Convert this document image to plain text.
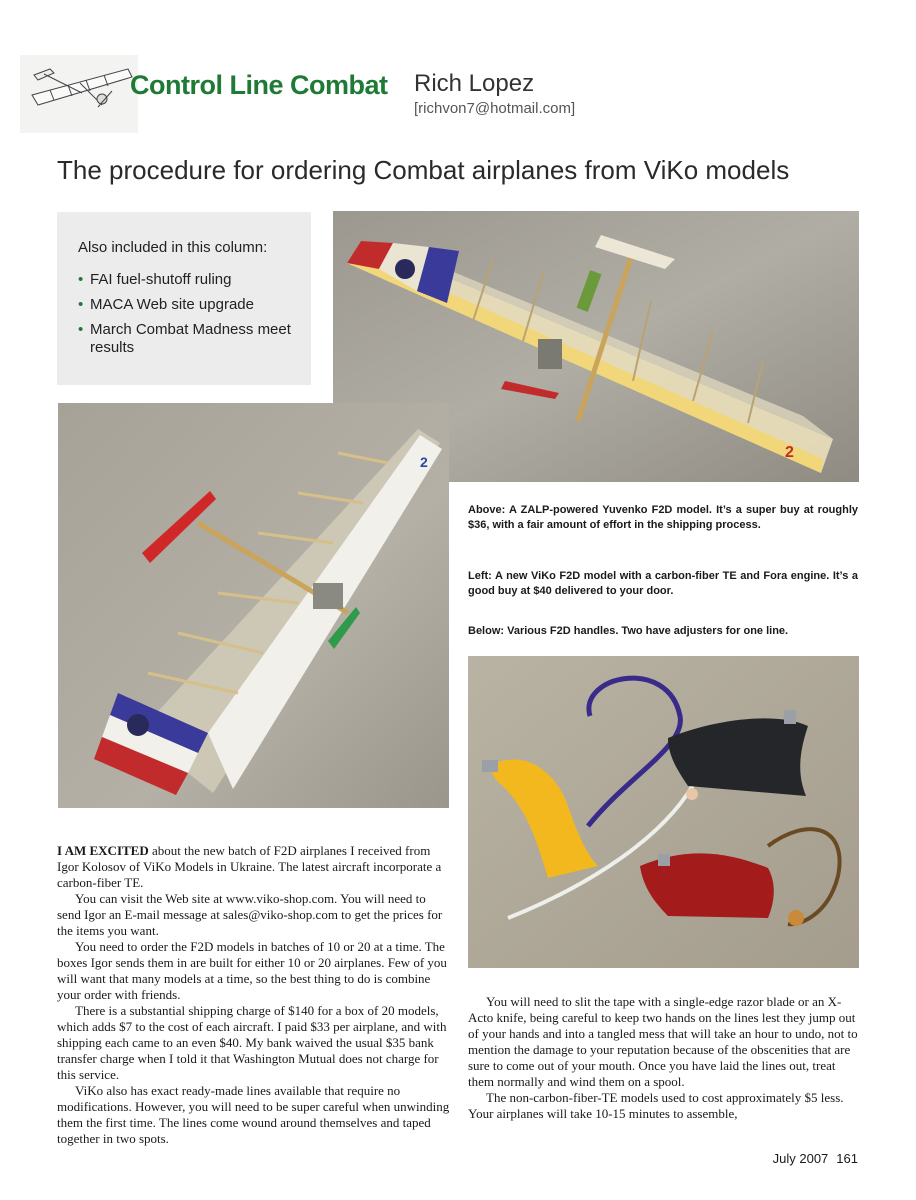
Control Line Combat Rich Lopez
[richvon7@hotmail.com]
The procedure for ordering Combat airplanes from ViKo models
Also included in this column:
• FAI fuel-shutoff ruling
• MACA Web site upgrade
• March Combat Madness meet results
2
2
Above: A ZALP-powered Yuvenko F2D model. It’s a super buy at roughly $36, with a fair amount of effort in the shipping process.
Left: A new ViKo F2D model with a carbon-fiber TE and Fora engine. It’s a good buy at $40 delivered to your door.
Below: Various F2D handles. Two have adjusters for one line.

I AM EXCITED about the new batch of F2D airplanes I received from Igor Kolosov of ViKo Models in Ukraine. The latest aircraft incorporate a carbon-fiber TE.

You can visit the Web site at www.viko-shop.com. You will need to send Igor an E-mail message at sales@viko-shop.com to get the prices for the items you want.

You need to order the F2D models in batches of 10 or 20 at a time. The boxes Igor sends them in are built for either 10 or 20 airplanes. Few of you will want that many models at a time, so the best thing to do is combine your order with friends.

There is a substantial shipping charge of $140 for a box of 20 models, which adds $7 to the cost of each aircraft. I paid $33 per airplane, and with shipping each came to an even $40. My bank waived the usual $35 bank transfer charge when I told it that Washington Mutual does not charge for this service.

ViKo also has exact ready-made lines available that require no modifications. However, you will need to be super careful when unwinding them the first time. The lines come wound around themselves and taped together in two spots.

You will need to slit the tape with a single-edge razor blade or an X-Acto knife, being careful to keep two hands on the lines lest they jump out of your hands and into a tangled mess that will take an hour to undo, not to mention the damage to your reputation because of the obscenities that are sure to come out of your mouth. Once you have laid the lines out, treat them normally and wind them on a spool.

The non-carbon-fiber-TE models used to cost approximately $5 less. Your airplanes will take 10-15 minutes to assemble,

July 2007 161
